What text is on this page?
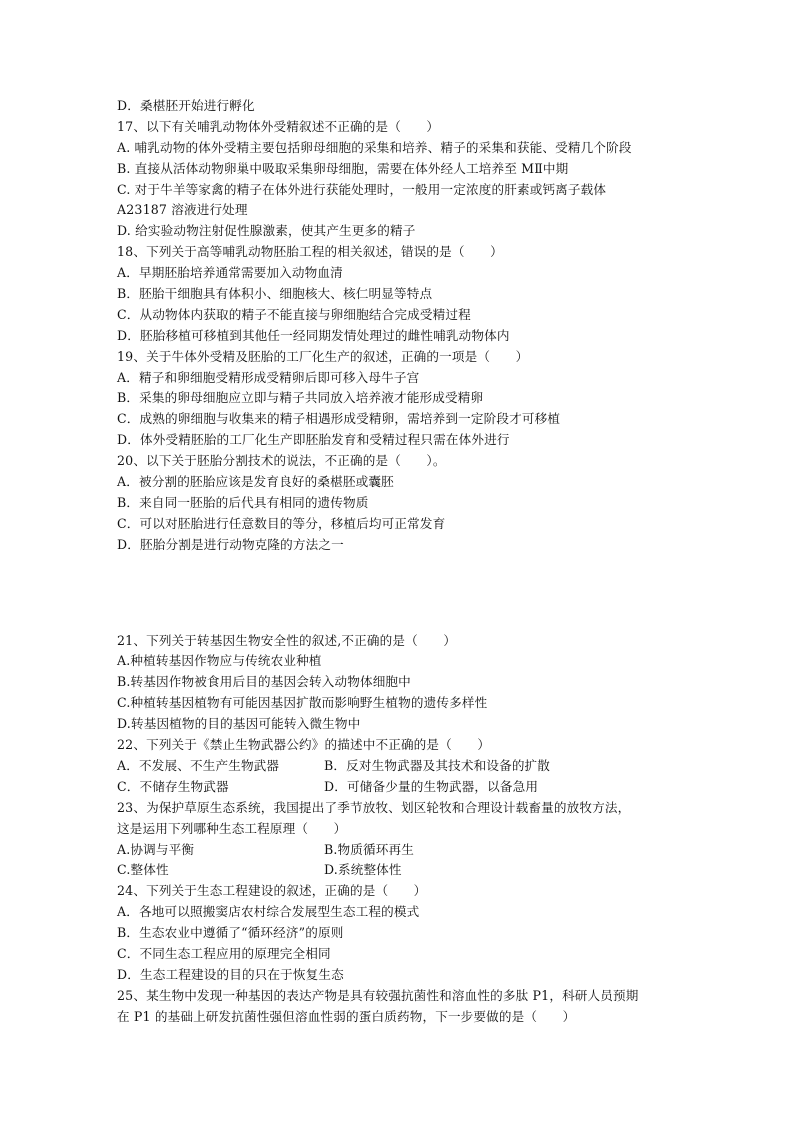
D．桑椹胚开始进行孵化
17、以下有关哺乳动物体外受精叙述不正确的是（　　）
A. 哺乳动物的体外受精主要包括卵母细胞的采集和培养、精子的采集和获能、受精几个阶段
B. 直接从活体动物卵巢中吸取采集卵母细胞，需要在体外经人工培养至 MⅡ中期
C. 对于牛羊等家禽的精子在体外进行获能处理时，一般用一定浓度的肝素或钙离子载体
A23187 溶液进行处理
D. 给实验动物注射促性腺激素，使其产生更多的精子
18、下列关于高等哺乳动物胚胎工程的相关叙述，错误的是（　　）
A．早期胚胎培养通常需要加入动物血清
B．胚胎干细胞具有体积小、细胞核大、核仁明显等特点
C．从动物体内获取的精子不能直接与卵细胞结合完成受精过程
D．胚胎移植可移植到其他任一经同期发情处理过的雌性哺乳动物体内
19、关于牛体外受精及胚胎的工厂化生产的叙述，正确的一项是（　　）
A．精子和卵细胞受精形成受精卵后即可移入母牛子宫
B．采集的卵母细胞应立即与精子共同放入培养液才能形成受精卵
C．成熟的卵细胞与收集来的精子相遇形成受精卵，需培养到一定阶段才可移植
D．体外受精胚胎的工厂化生产即胚胎发育和受精过程只需在体外进行
20、以下关于胚胎分割技术的说法，不正确的是（　　）。
A．被分割的胚胎应该是发育良好的桑椹胚或囊胚
B．来自同一胚胎的后代具有相同的遗传物质
C．可以对胚胎进行任意数目的等分，移植后均可正常发育
D．胚胎分割是进行动物克隆的方法之一
21、下列关于转基因生物安全性的叙述,不正确的是（　　）
A.种植转基因作物应与传统农业种植
B.转基因作物被食用后目的基因会转入动物体细胞中
C.种植转基因植物有可能因基因扩散而影响野生植物的遗传多样性
D.转基因植物的目的基因可能转入微生物中
22、下列关于《禁止生物武器公约》的描述中不正确的是（　　）
A．不发展、不生产生物武器	B．反对生物武器及其技术和设备的扩散
C．不储存生物武器	D．可储备少量的生物武器，以备急用
23、为保护草原生态系统，我国提出了季节放牧、划区轮牧和合理设计载畜量的放牧方法，
这是运用下列哪种生态工程原理（　　）
A.协调与平衡	B.物质循环再生
C.整体性	D.系统整体性
24、下列关于生态工程建设的叙述，正确的是（　　）
A．各地可以照搬窦店农村综合发展型生态工程的模式
B．生态农业中遵循了“循环经济”的原则
C．不同生态工程应用的原理完全相同
D．生态工程建设的目的只在于恢复生态
25、某生物中发现一种基因的表达产物是具有较强抗菌性和溶血性的多肽 P1，科研人员预期
在 P1 的基础上研发抗菌性强但溶血性弱的蛋白质药物，下一步要做的是（　　）
